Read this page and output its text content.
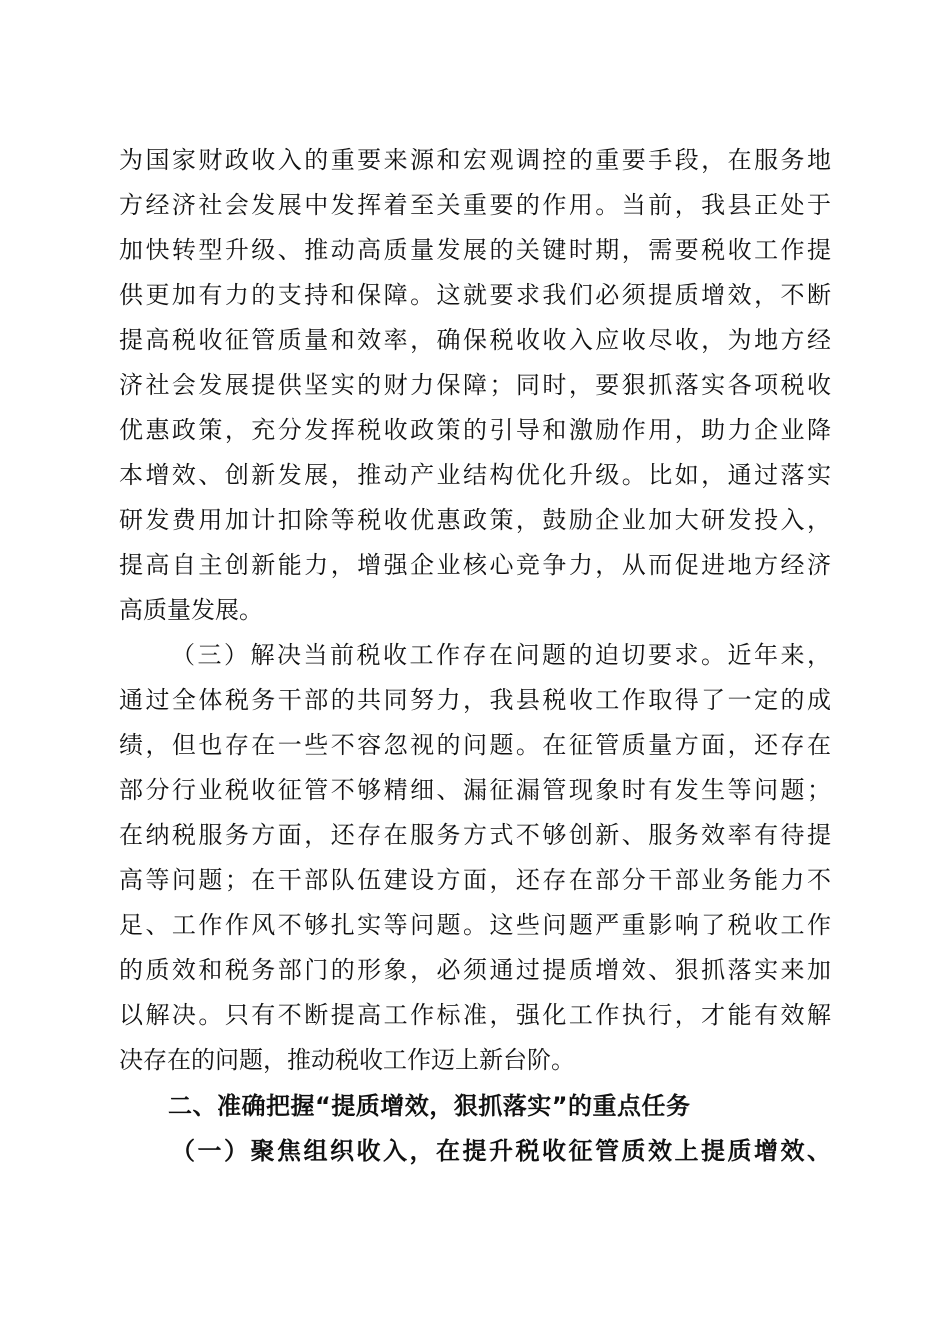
为国家财政收入的重要来源和宏观调控的重要手段，在服务地
方经济社会发展中发挥着至关重要的作用。当前，我县正处于
加快转型升级、推动高质量发展的关键时期，需要税收工作提
供更加有力的支持和保障。这就要求我们必须提质增效，不断
提高税收征管质量和效率，确保税收收入应收尽收，为地方经
济社会发展提供坚实的财力保障；同时，要狠抓落实各项税收
优惠政策，充分发挥税收政策的引导和激励作用，助力企业降
本增效、创新发展，推动产业结构优化升级。比如，通过落实
研发费用加计扣除等税收优惠政策，鼓励企业加大研发投入，
提高自主创新能力，增强企业核心竞争力，从而促进地方经济
高质量发展。
（三）解决当前税收工作存在问题的迫切要求。近年来，
通过全体税务干部的共同努力，我县税收工作取得了一定的成
绩，但也存在一些不容忽视的问题。在征管质量方面，还存在
部分行业税收征管不够精细、漏征漏管现象时有发生等问题；
在纳税服务方面，还存在服务方式不够创新、服务效率有待提
高等问题；在干部队伍建设方面，还存在部分干部业务能力不
足、工作作风不够扎实等问题。这些问题严重影响了税收工作
的质效和税务部门的形象，必须通过提质增效、狠抓落实来加
以解决。只有不断提高工作标准，强化工作执行，才能有效解
决存在的问题，推动税收工作迈上新台阶。
二、准确把握“提质增效，狠抓落实”的重点任务
（一）聚焦组织收入，在提升税收征管质效上提质增效、
